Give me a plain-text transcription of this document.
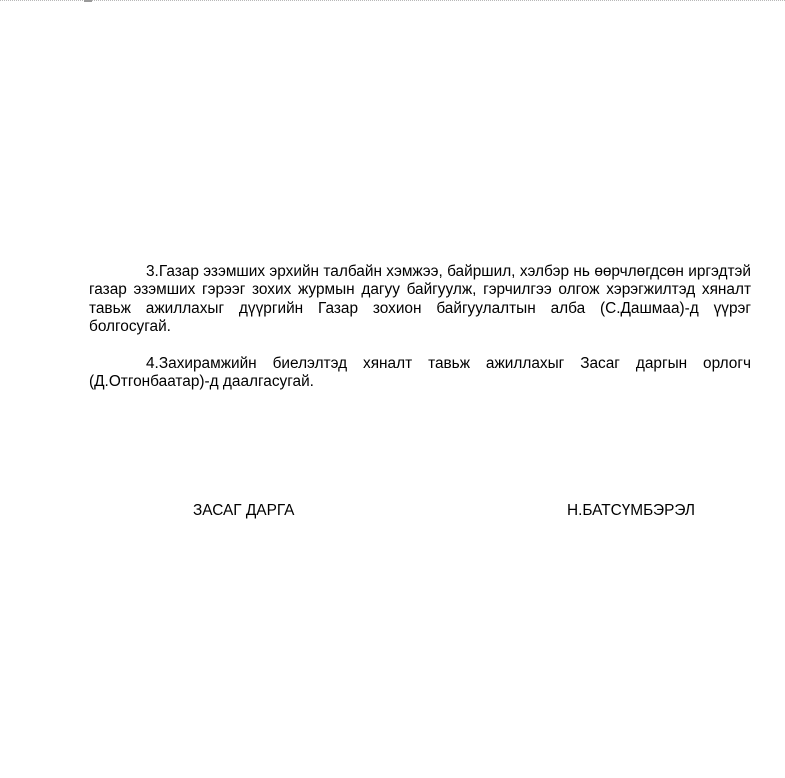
3.Газар эзэмших эрхийн талбайн хэмжээ, байршил, хэлбэр нь өөрчлөгдсөн иргэдтэй газар эзэмших гэрээг зохих журмын дагуу байгуулж, гэрчилгээ олгож хэрэгжилтэд хяналт тавьж ажиллахыг дүүргийн Газар зохион байгуулалтын алба (С.Дашмаа)-д үүрэг болгосугай.

4.Захирамжийн биелэлтэд хяналт тавьж ажиллахыг Засаг даргын орлогч (Д.Отгонбаатар)-д даалгасугай.

ЗАСАГ ДАРГА	Н.БАТСҮМБЭРЭЛ
